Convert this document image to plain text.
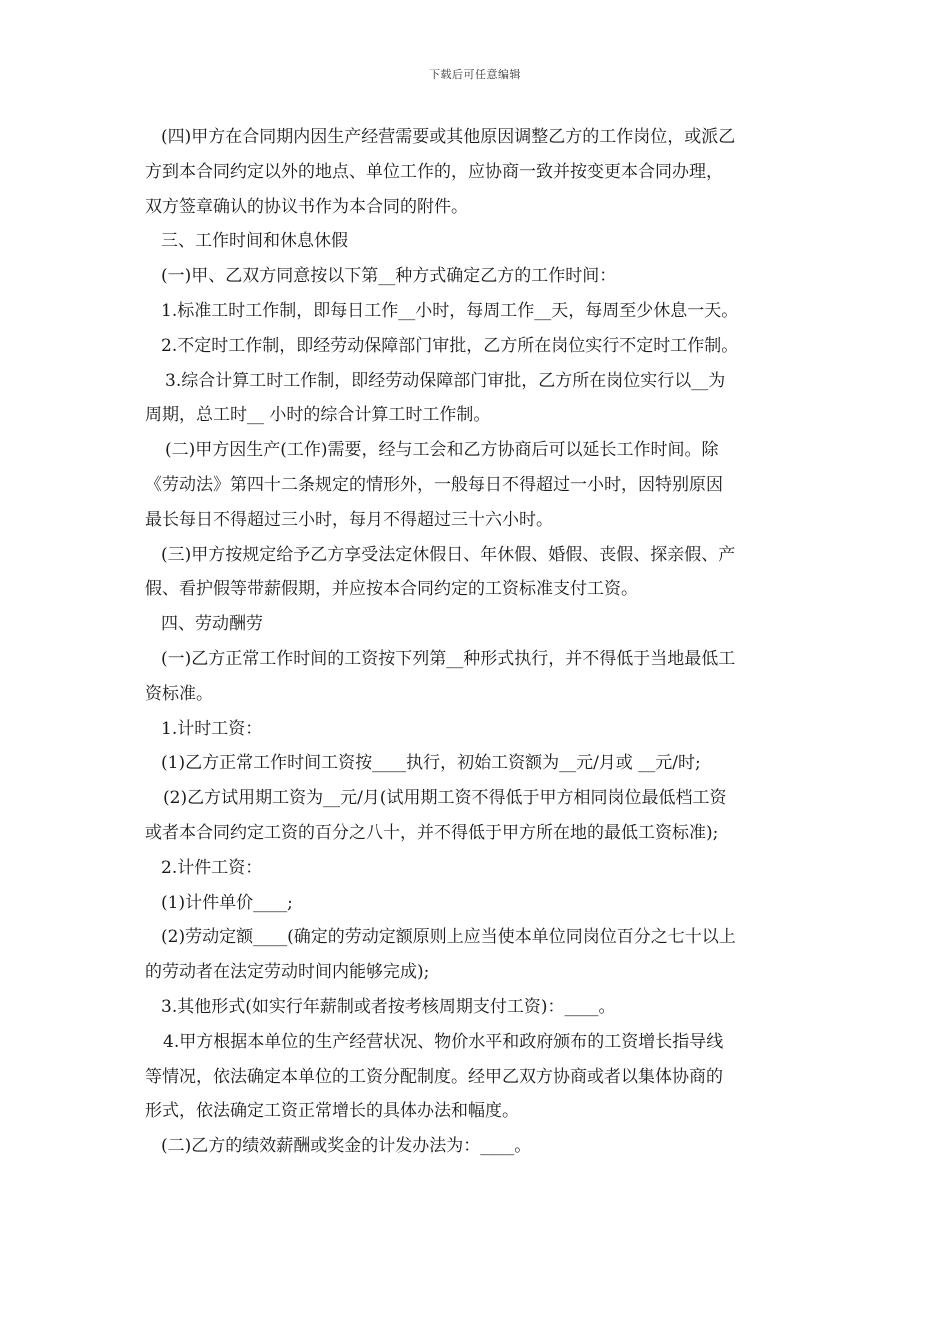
下载后可任意编辑
(四)甲方在合同期内因生产经营需要或其他原因调整乙方的工作岗位，或派乙
方到本合同约定以外的地点、单位工作的，应协商一致并按变更本合同办理，
双方签章确认的协议书作为本合同的附件。
三、工作时间和休息休假
(一)甲、乙双方同意按以下第__种方式确定乙方的工作时间：
1.标准工时工作制，即每日工作__小时，每周工作__天，每周至少休息一天。
2.不定时工作制，即经劳动保障部门审批，乙方所在岗位实行不定时工作制。
3.综合计算工时工作制，即经劳动保障部门审批，乙方所在岗位实行以__为
周期，总工时__ 小时的综合计算工时工作制。
(二)甲方因生产(工作)需要，经与工会和乙方协商后可以延长工作时间。除
《劳动法》第四十二条规定的情形外，一般每日不得超过一小时，因特别原因
最长每日不得超过三小时，每月不得超过三十六小时。
(三)甲方按规定给予乙方享受法定休假日、年休假、婚假、丧假、探亲假、产
假、看护假等带薪假期，并应按本合同约定的工资标准支付工资。
四、劳动酬劳
(一)乙方正常工作时间的工资按下列第__种形式执行，并不得低于当地最低工
资标准。
1.计时工资：
(1)乙方正常工作时间工资按____执行，初始工资额为__元/月或 __元/时;
(2)乙方试用期工资为__元/月(试用期工资不得低于甲方相同岗位最低档工资
或者本合同约定工资的百分之八十，并不得低于甲方所在地的最低工资标准);
2.计件工资：
(1)计件单价____;
(2)劳动定额____(确定的劳动定额原则上应当使本单位同岗位百分之七十以上
的劳动者在法定劳动时间内能够完成);
3.其他形式(如实行年薪制或者按考核周期支付工资)：____。
4.甲方根据本单位的生产经营状况、物价水平和政府颁布的工资增长指导线
等情况，依法确定本单位的工资分配制度。经甲乙双方协商或者以集体协商的
形式，依法确定工资正常增长的具体办法和幅度。
(二)乙方的绩效薪酬或奖金的计发办法为：____。
